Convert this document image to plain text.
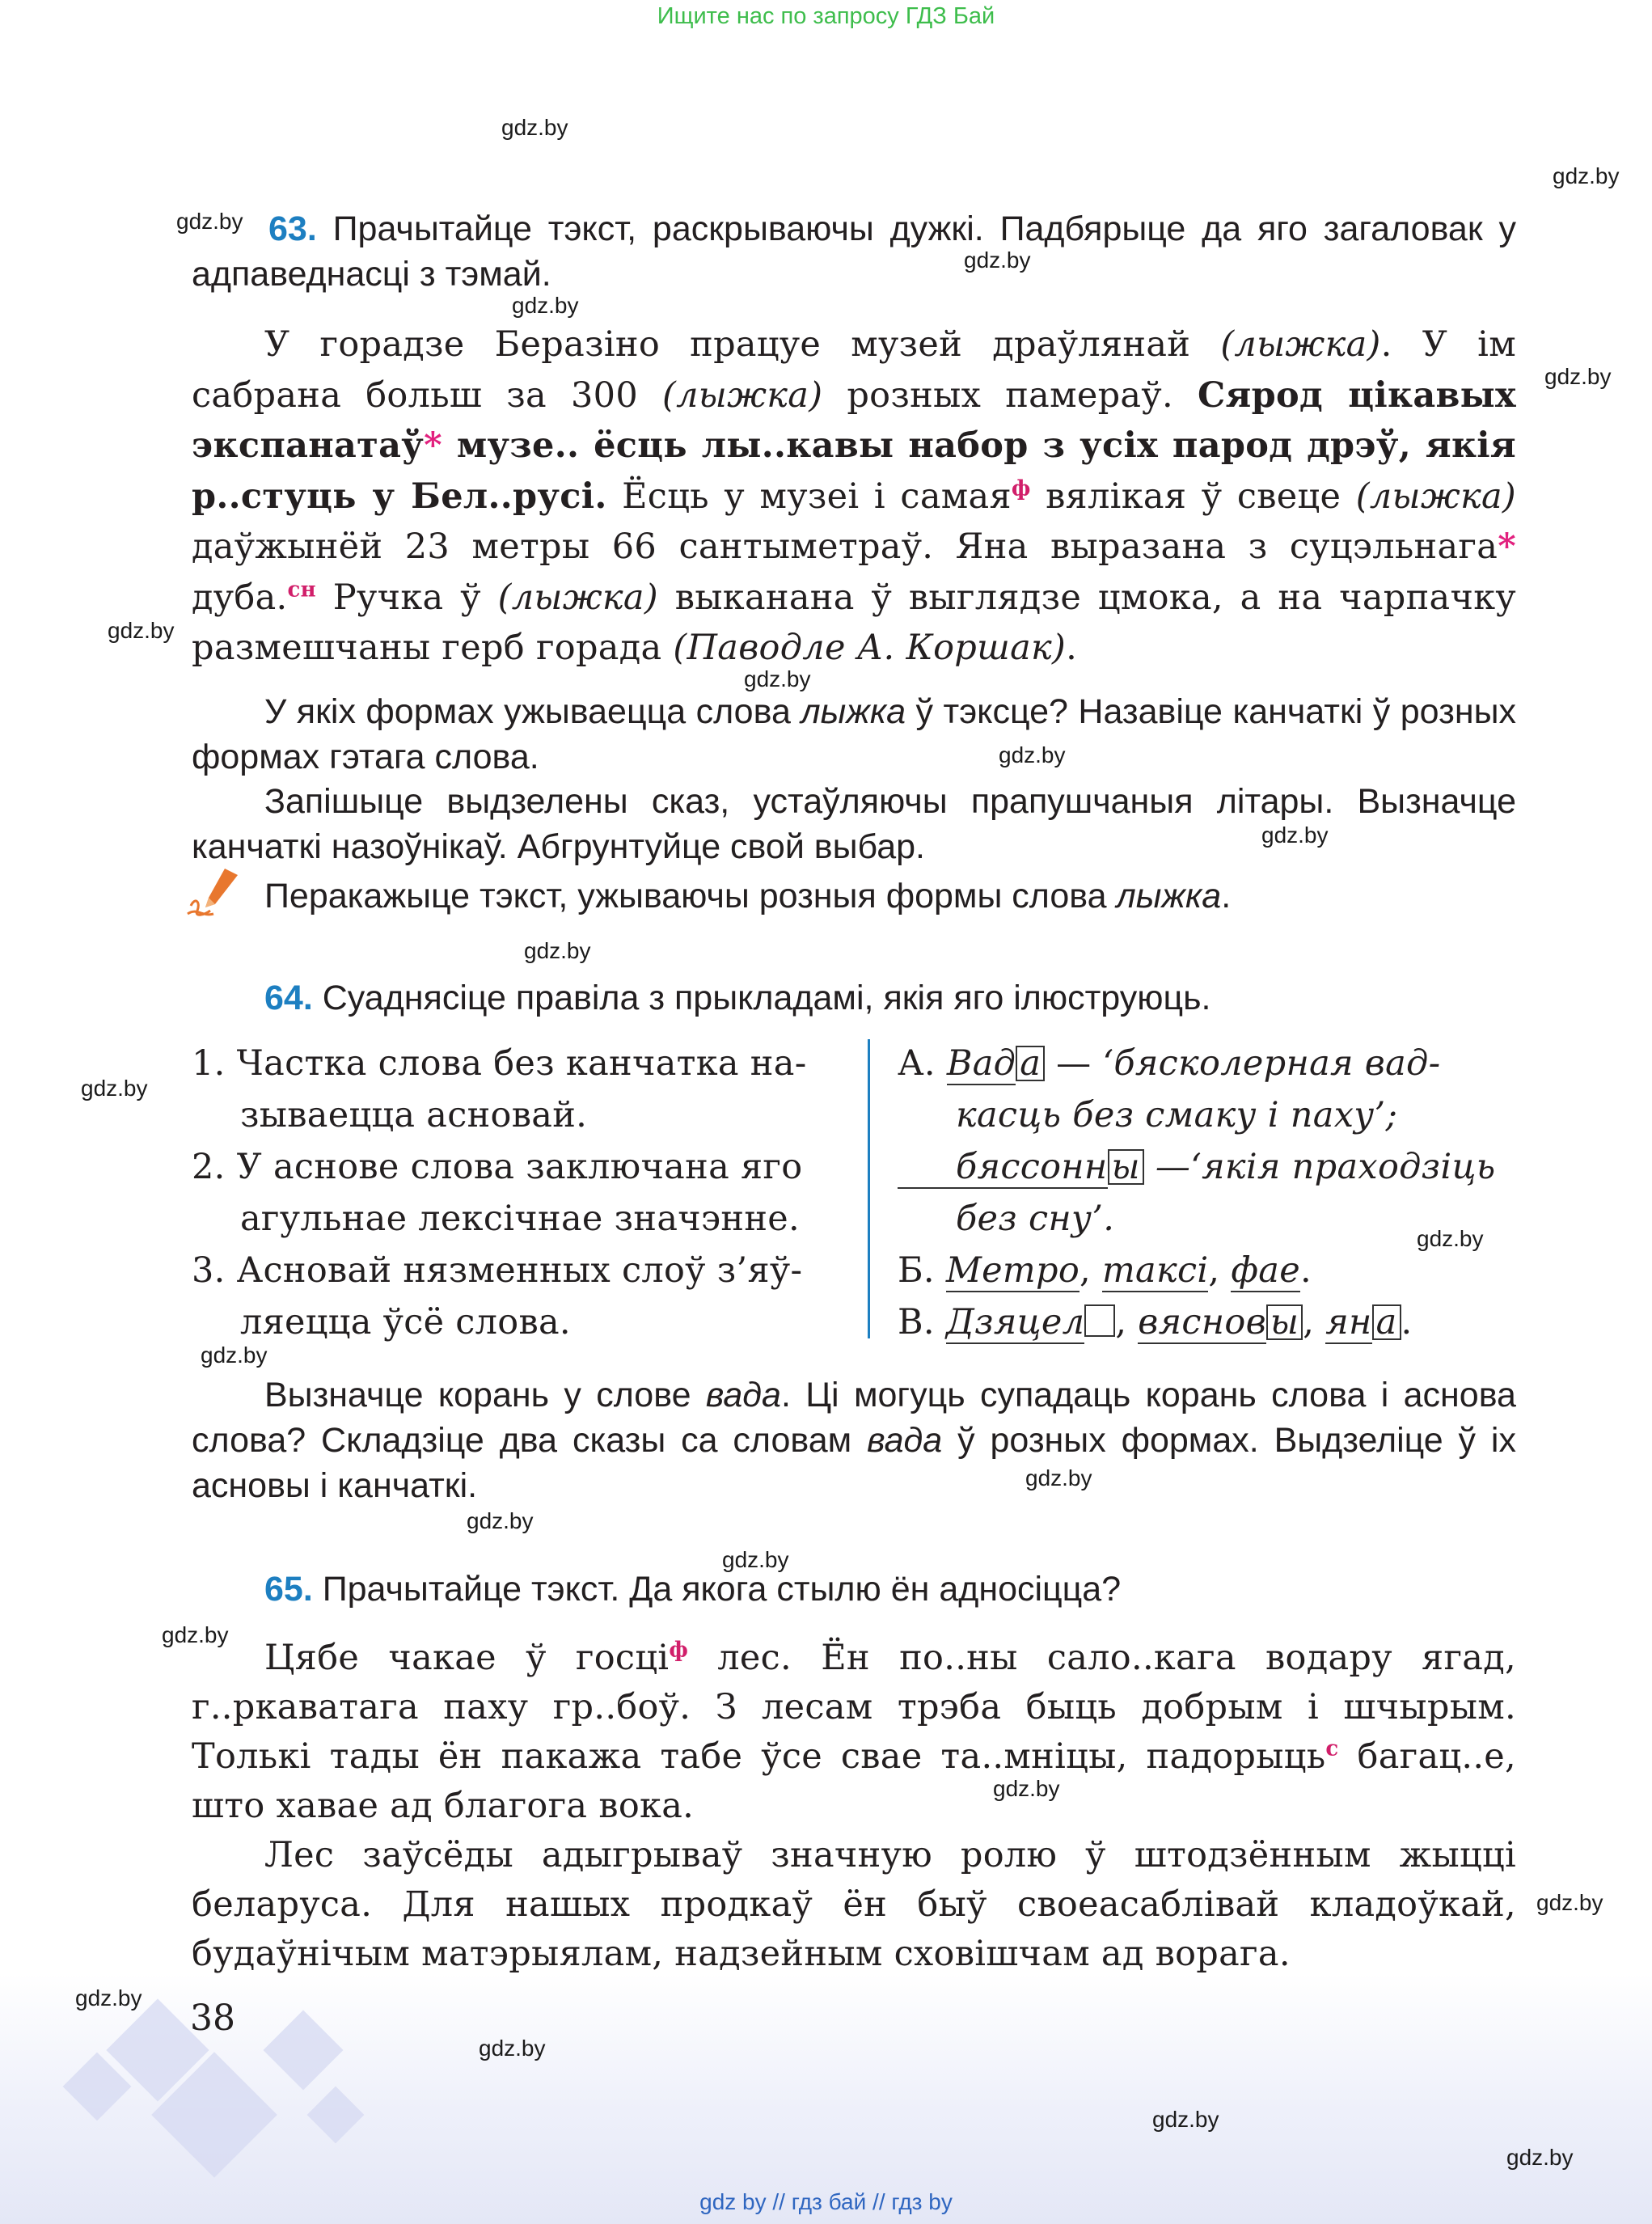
Ищите нас по запросу ГДЗ Бай
gdz.by
gdz.by
gdz.by
gdz.by
gdz.by
gdz.by
gdz.by
gdz.by
gdz.by
gdz.by
gdz.by
gdz.by
gdz.by
gdz.by
gdz.by
gdz.by
gdz.by
gdz.by
gdz.by
gdz.by
gdz.by
gdz.by
gdz.by
gdz.by
63. Прачытайце тэкст, раскрываючы дужкі. Падбярыце да яго загаловак у адпаведнасці з тэмай.
У горадзе Беразіно працуе музей драўлянай (лыжка). У ім сабрана больш за 300 (лыжка) розных памераў. Сярод цікавых экспанатаў* музе.. ёсць лы..кавы набор з усіх парод дрэў, якія р..стуць у Бел..русі. Ёсць у музеі і самая$^ф$ вялікая ў свеце (лыжка) даўжынёй 23 метры 66 сантыметраў. Яна выразана з суцэльнага* дуба.$^{сн}$ Ручка ў (лыжка) выканана ў выглядзе цмока, а на чарпачку размешчаны герб горада (Паводле А. Коршак).
У якіх формах ужываецца слова лыжка ў тэксце? Назавіце канчаткі ў розных формах гэтага слова.
Запішыце выдзелены сказ, устаўляючы прапушчаныя літары. Вызначце канчаткі назоўнікаў. Абгрунтуйце свой выбар.
Перакажыце тэкст, ужываючы розныя формы слова лыжка.
64. Суаднясіце правіла з прыкладамі, якія яго ілюструюць.
1. Частка слова без канчатка на-
зываецца асновай.
2. У аснове слова заключана яго
агульнае лексічнае значэнне.
3. Асновай нязменных слоў з’яў-
ляецца ўсё слова.
А. Вад а — ‘бясколерная вад-
касць без смаку і паху’;
бяссонн ы —‘якія праходзіць
без сну’.
Б. Метро, таксі, фае.
В. Дзяцел , вяснов ы , ян а .
Вызначце корань у слове вада. Ці могуць супадаць корань слова і аснова слова? Складзіце два сказы са словам вада ў розных формах. Выдзеліце ў іх асновы і канчаткі.
65. Прачытайце тэкст. Да якога стылю ён адносіцца?
Цябе чакае ў госці$^ф$ лес. Ён по..ны сало..кага водару ягад, г..ркаватага паху гр..боў. З лесам трэба быць добрым і шчырым. Толькі тады ён пакажа табе ўсе свае та..мніцы, падорыць$^с$ багац..е, што хавае ад благога вока.
Лес заўсёды адыгрываў значную ролю ў штодзённым жыцці беларуса. Для нашых продкаў ён быў своеасаблівай кладоўкай, будаўнічым матэрыялам, надзейным сховішчам ад ворага.
38
gdz by // гдз бай // гдз by
